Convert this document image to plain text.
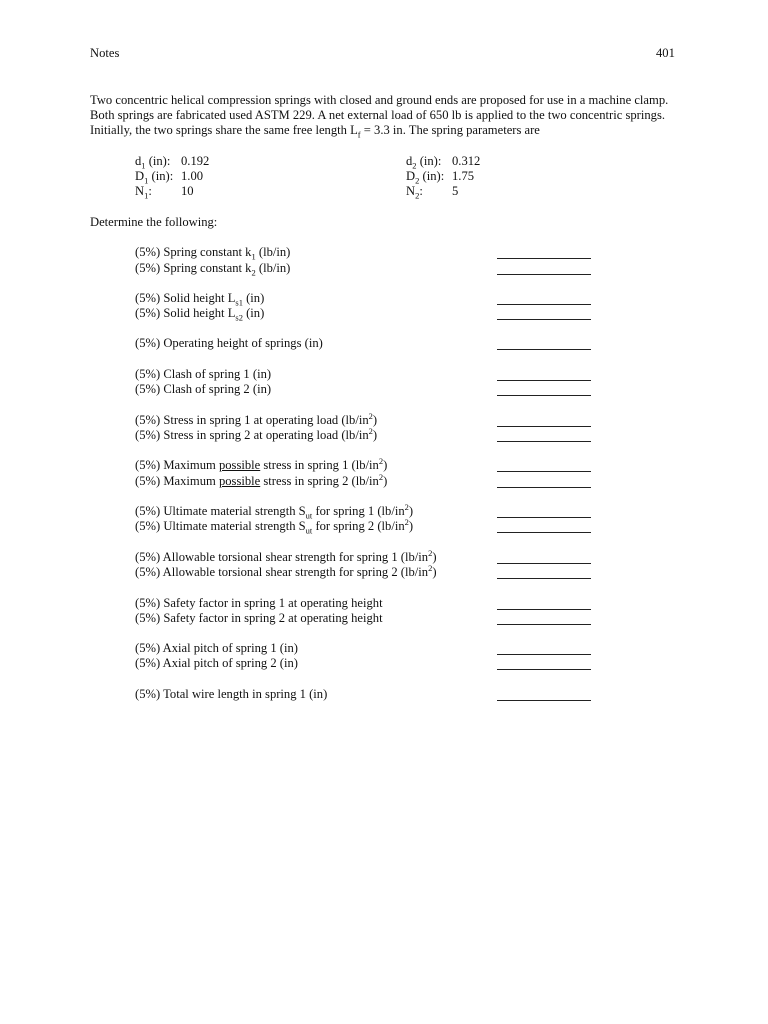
Notes	401
Two concentric helical compression springs with closed and ground ends are proposed for use in a machine clamp.
Both springs are fabricated used ASTM 229. A net external load of 650 lb is applied to the two concentric springs.
Initially, the two springs share the same free length $L_f = 3.3$ in. The spring parameters are
$d_1$ (in): 0.192
$D_1$ (in): 1.00
$N_1$: 10
$d_2$ (in): 0.312
$D_2$ (in): 1.75
$N_2$: 5
Determine the following:
(5%) Spring constant $k_1$ (lb/in)
(5%) Spring constant $k_2$ (lb/in)
(5%) Solid height $L_{s1}$ (in)
(5%) Solid height $L_{s2}$ (in)
(5%) Operating height of springs (in)
(5%) Clash of spring 1 (in)
(5%) Clash of spring 2 (in)
(5%) Stress in spring 1 at operating load $(lb/in^2)$
(5%) Stress in spring 2 at operating load $(lb/in^2)$
(5%) Maximum possible stress in spring 1 $(lb/in^2)$
(5%) Maximum possible stress in spring 2 $(lb/in^2)$
(5%) Ultimate material strength $S_{ut}$ for spring 1 $(lb/in^2)$
(5%) Ultimate material strength $S_{ut}$ for spring 2 $(lb/in^2)$
(5%) Allowable torsional shear strength for spring 1 $(lb/in^2)$
(5%) Allowable torsional shear strength for spring 2 $(lb/in^2)$
(5%) Safety factor in spring 1 at operating height
(5%) Safety factor in spring 2 at operating height
(5%) Axial pitch of spring 1 (in)
(5%) Axial pitch of spring 2 (in)
(5%) Total wire length in spring 1 (in)
